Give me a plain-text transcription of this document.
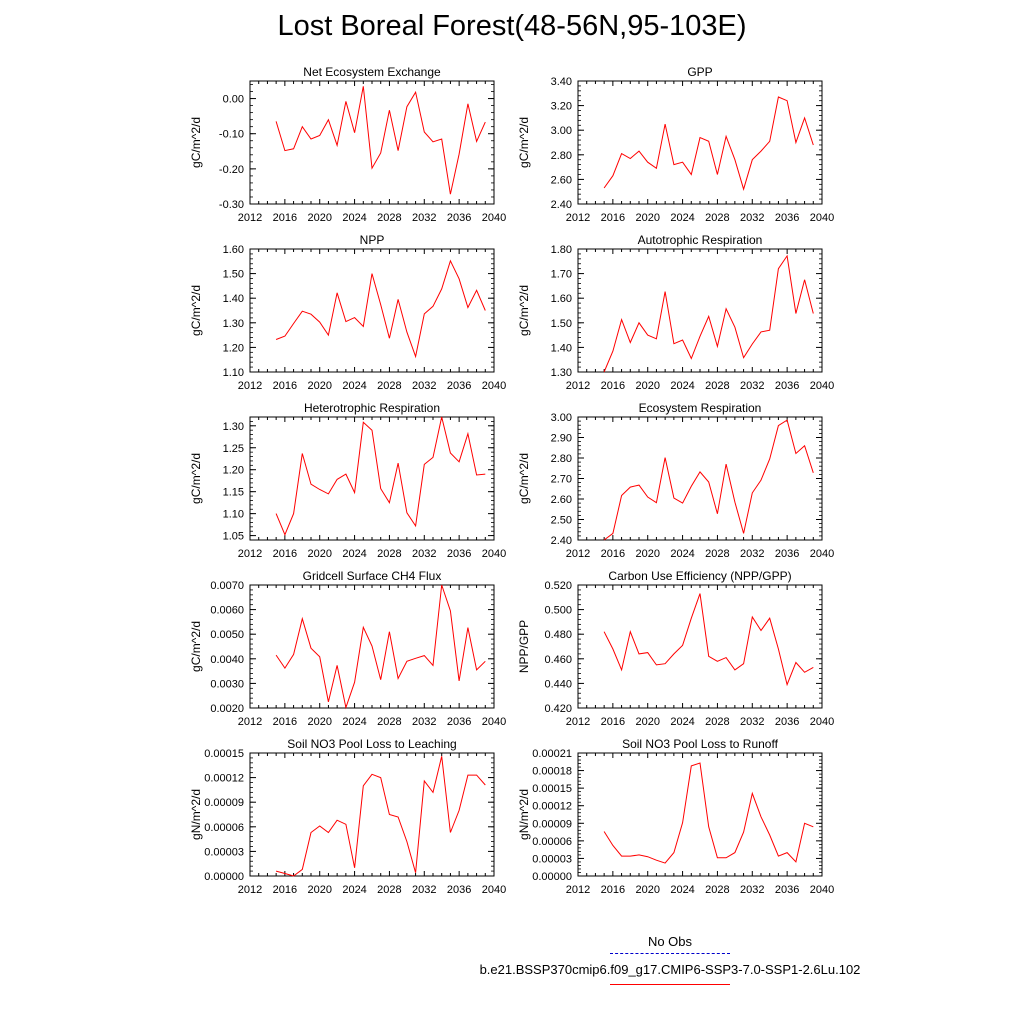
Lost Boreal Forest(48-56N,95-103E)
Net Ecosystem Exchange
gC/m^2/d
2012 2016 2020 2024 2028 2032 2036 2040
-0.30
-0.20
-0.10
0.00
GPP
gC/m^2/d
2012 2016 2020 2024 2028 2032 2036 2040
2.40
2.60
2.80
3.00
3.20
3.40
NPP
gC/m^2/d
2012 2016 2020 2024 2028 2032 2036 2040
1.10
1.20
1.30
1.40
1.50
1.60
Autotrophic Respiration
gC/m^2/d
2012 2016 2020 2024 2028 2032 2036 2040
1.30
1.40
1.50
1.60
1.70
1.80
Heterotrophic Respiration
gC/m^2/d
2012 2016 2020 2024 2028 2032 2036 2040
1.05
1.10
1.15
1.20
1.25
1.30
Ecosystem Respiration
gC/m^2/d
2012 2016 2020 2024 2028 2032 2036 2040
2.40
2.50
2.60
2.70
2.80
2.90
3.00
Gridcell Surface CH4 Flux
gC/m^2/d
2012 2016 2020 2024 2028 2032 2036 2040
0.0020
0.0030
0.0040
0.0050
0.0060
0.0070
Carbon Use Efficiency (NPP/GPP)
NPP/GPP
2012 2016 2020 2024 2028 2032 2036 2040
0.420
0.440
0.460
0.480
0.500
0.520
Soil NO3 Pool Loss to Leaching
gN/m^2/d
2012 2016 2020 2024 2028 2032 2036 2040
0.00000
0.00003
0.00006
0.00009
0.00012
0.00015
Soil NO3 Pool Loss to Runoff
gN/m^2/d
2012 2016 2020 2024 2028 2032 2036 2040
0.00000
0.00003
0.00006
0.00009
0.00012
0.00015
0.00018
0.00021
No Obs
b.e21.BSSP370cmip6.f09_g17.CMIP6-SSP3-7.0-SSP1-2.6Lu.102
